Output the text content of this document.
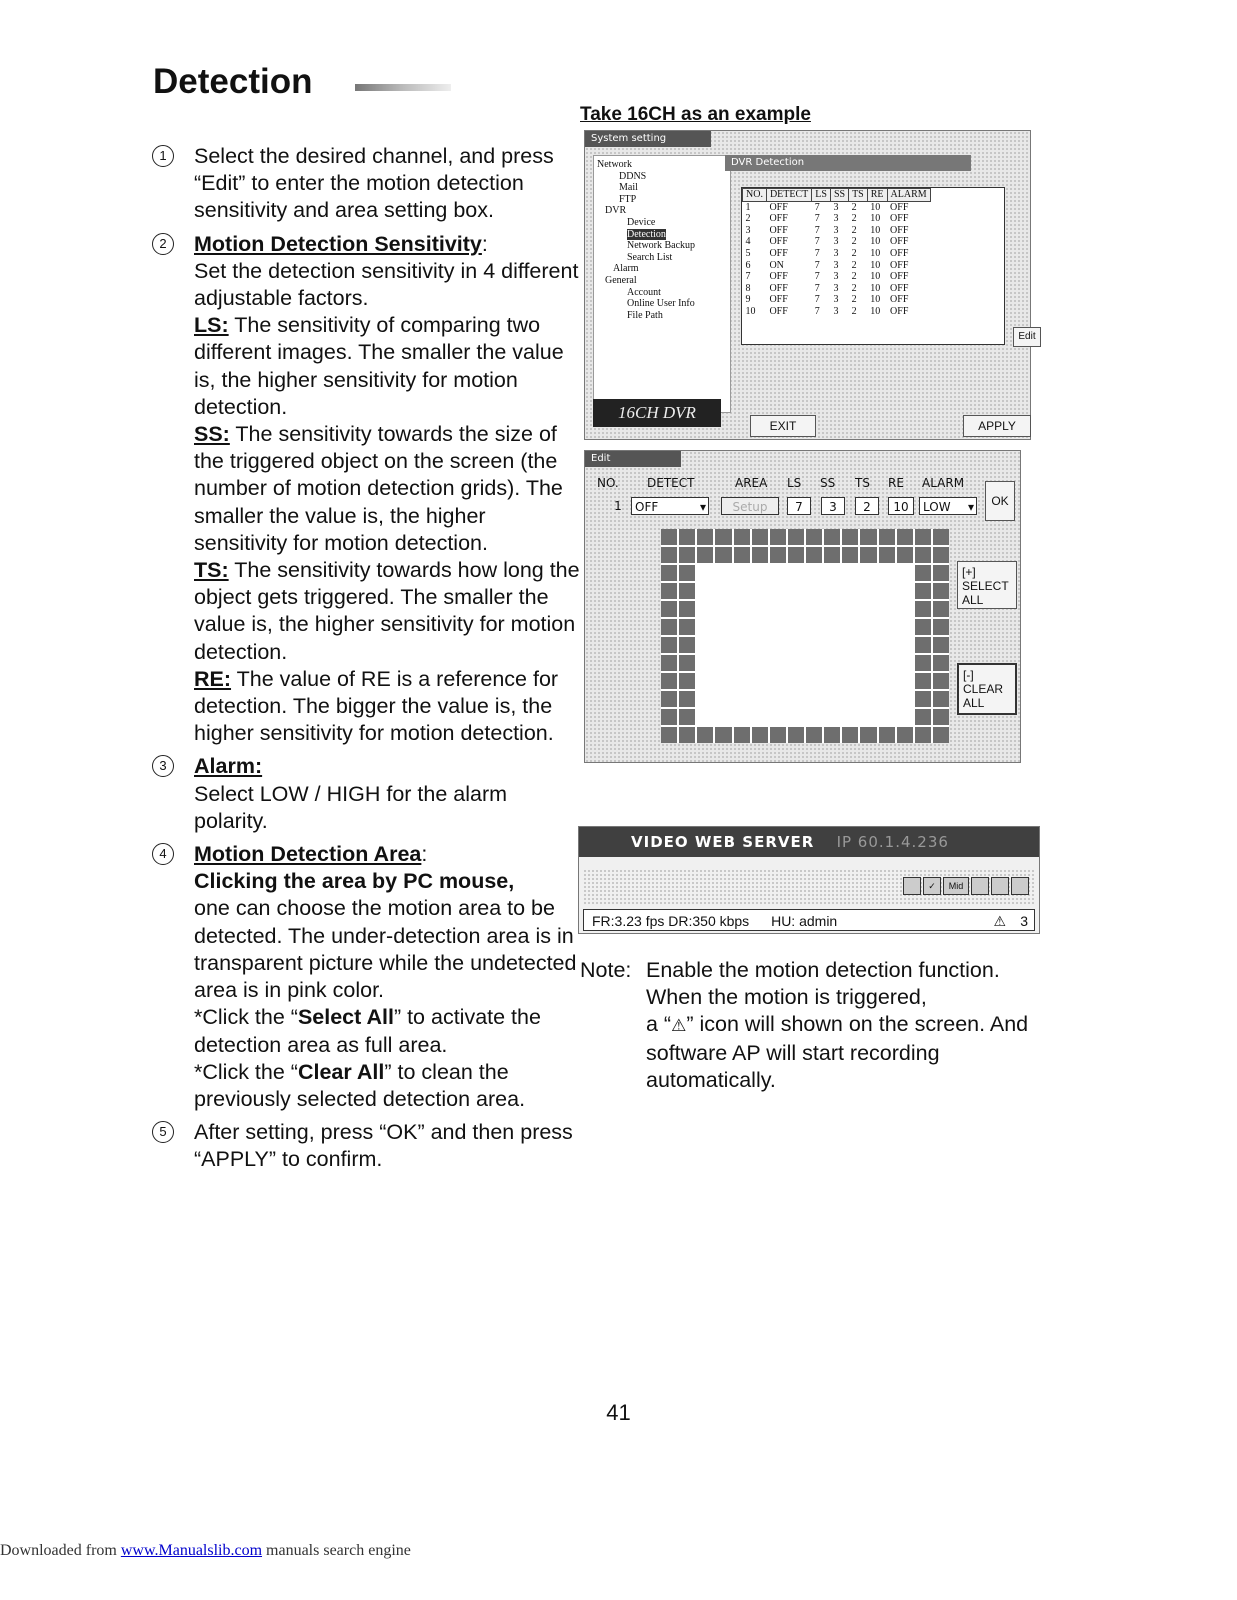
Detection
1	Select the desired channel, and press “Edit” to enter the motion detection sensitivity and area setting box.
2	Motion Detection Sensitivity:
Set the detection sensitivity in 4 different adjustable factors.
LS: The sensitivity of comparing two different images. The smaller the value is, the higher sensitivity for motion detection.
SS: The sensitivity towards the size of the triggered object on the screen (the number of motion detection grids). The smaller the value is, the higher sensitivity for motion detection.
TS: The sensitivity towards how long the object gets triggered. The smaller the value is, the higher sensitivity for motion detection.
RE: The value of RE is a reference for detection. The bigger the value is, the higher sensitivity for motion detection.
3	Alarm:
Select LOW / HIGH for the alarm polarity.
4	Motion Detection Area:
Clicking the area by PC mouse,
one can choose the motion area to be detected. The under-detection area is in transparent picture while the undetected area is in pink color.
*Click the “Select All” to activate the detection area as full area.
*Click the “Clear All” to clean the previously selected detection area.
5	After setting, press “OK” and then press “APPLY” to confirm.
Take 16CH as an example
System setting
Network
DDNS
Mail
FTP
DVR
Device
Detection
Network Backup
Search List
Alarm
General
Account
Online User Info
File Path
DVR Detection
NO.	DETECT	LS	SS	TS	RE	ALARM
1	OFF	7	3	2	10	OFF
2	OFF	7	3	2	10	OFF
3	OFF	7	3	2	10	OFF
4	OFF	7	3	2	10	OFF
5	OFF	7	3	2	10	OFF
6	ON	7	3	2	10	OFF
7	OFF	7	3	2	10	OFF
8	OFF	7	3	2	10	OFF
9	OFF	7	3	2	10	OFF
10	OFF	7	3	2	10	OFF
Edit
16CH DVR
EXIT	APPLY
Edit
NO. DETECT	AREA LS SS TS RE ALARM
1	OFF	▾	Setup	7	3	2	10	LOW ▾	OK
[+] SELECT ALL
[-] CLEAR ALL
VIDEO WEB SERVER IP 60.1.4.236
✓ Mid
FR:3.23 fps DR:350 kbps HU: admin	⚠ 3
Note: Enable the motion detection function. When the motion is triggered,
a “⚠” icon will shown on the screen. And software AP will start recording automatically.
41
Downloaded from www.Manualslib.com manuals search engine
